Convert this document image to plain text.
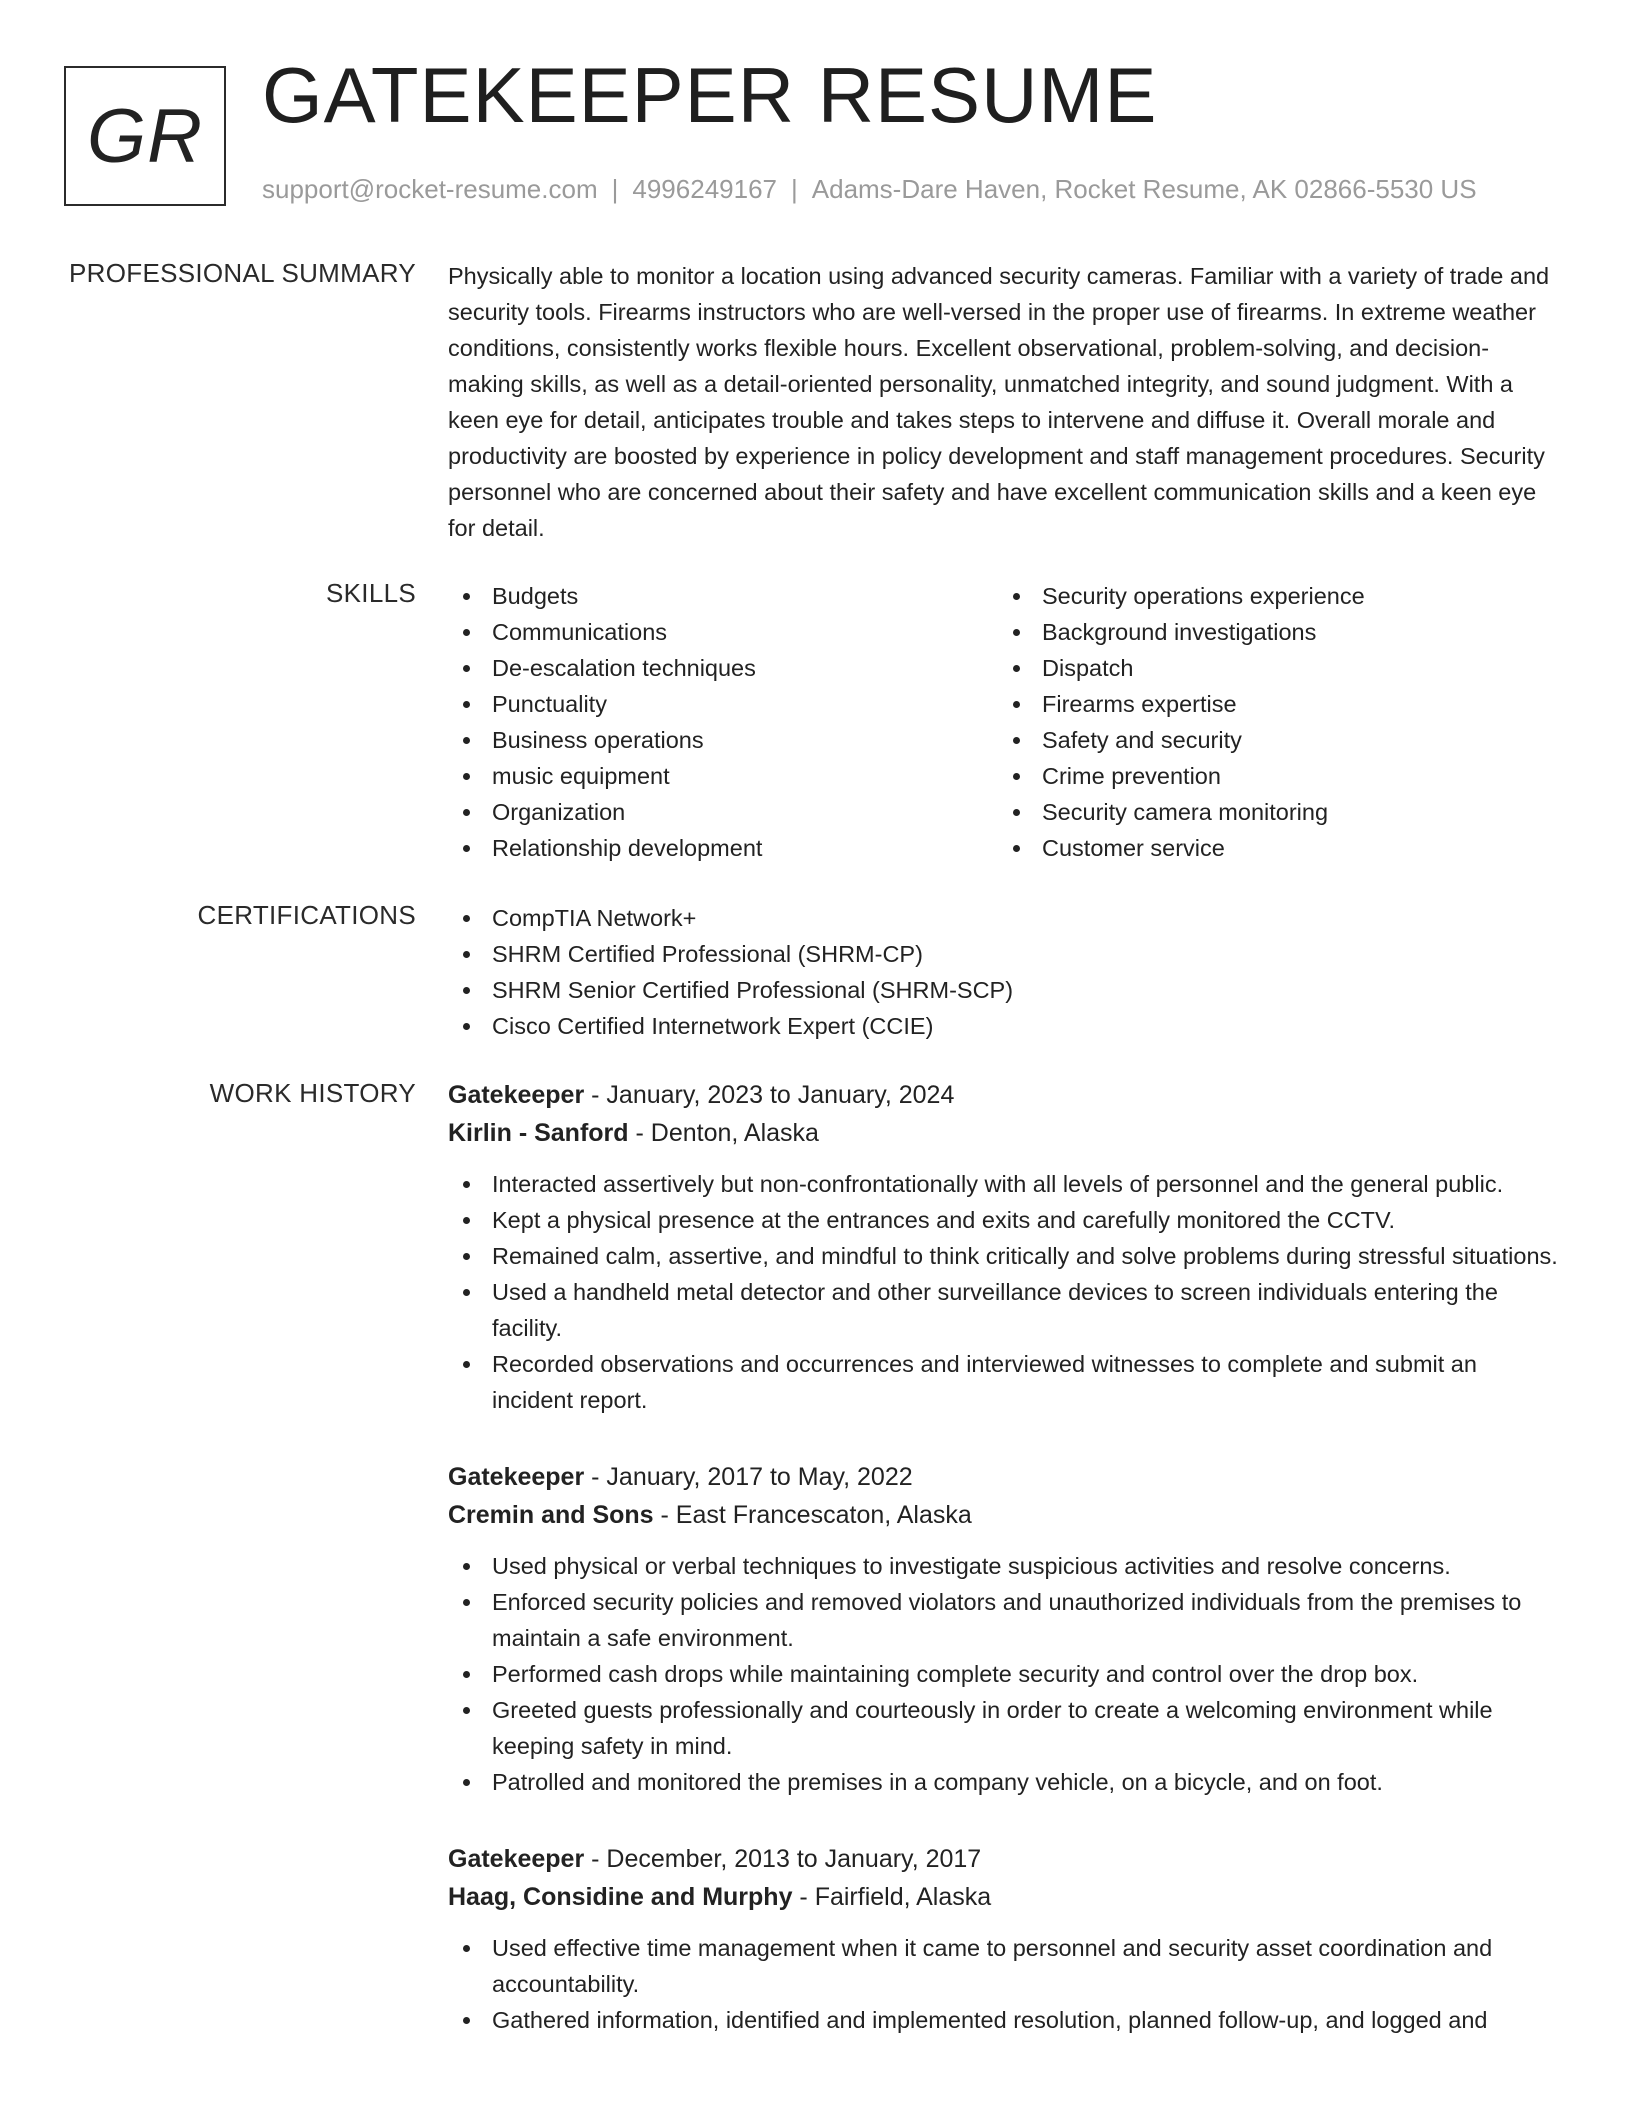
GR GATEKEEPER RESUME
support@rocket-resume.com | 4996249167 | Adams-Dare Haven, Rocket Resume, AK 02866-5530 US
PROFESSIONAL SUMMARY Physically able to monitor a location using advanced security cameras. Familiar with a variety of trade and security tools. Firearms instructors who are well-versed in the proper use of firearms. In extreme weather conditions, consistently works flexible hours. Excellent observational, problem-solving, and decision-making skills, as well as a detail-oriented personality, unmatched integrity, and sound judgment. With a keen eye for detail, anticipates trouble and takes steps to intervene and diffuse it. Overall morale and productivity are boosted by experience in policy development and staff management procedures. Security personnel who are concerned about their safety and have excellent communication skills and a keen eye for detail.

SKILLS	Budgets
Communications
De-escalation techniques
Punctuality
Business operations
music equipment
Organization
Relationship development
Security operations experience
Background investigations
Dispatch
Firearms expertise
Safety and security
Crime prevention
Security camera monitoring
Customer service
CERTIFICATIONS	CompTIA Network+
SHRM Certified Professional (SHRM-CP)
SHRM Senior Certified Professional (SHRM-SCP)
Cisco Certified Internetwork Expert (CCIE)
WORK HISTORY Gatekeeper - January, 2023 to January, 2024
Kirlin - Sanford - Denton, Alaska
Interacted assertively but non-confrontationally with all levels of personnel and the general public.
Kept a physical presence at the entrances and exits and carefully monitored the CCTV.
Remained calm, assertive, and mindful to think critically and solve problems during stressful situations.
Used a handheld metal detector and other surveillance devices to screen individuals entering the facility.
Recorded observations and occurrences and interviewed witnesses to complete and submit an incident report.
Gatekeeper - January, 2017 to May, 2022
Cremin and Sons - East Francescaton, Alaska
Used physical or verbal techniques to investigate suspicious activities and resolve concerns.
Enforced security policies and removed violators and unauthorized individuals from the premises to maintain a safe environment.
Performed cash drops while maintaining complete security and control over the drop box.
Greeted guests professionally and courteously in order to create a welcoming environment while keeping safety in mind.
Patrolled and monitored the premises in a company vehicle, on a bicycle, and on foot.
Gatekeeper - December, 2013 to January, 2017
Haag, Considine and Murphy - Fairfield, Alaska
Used effective time management when it came to personnel and security asset coordination and accountability.
Gathered information, identified and implemented resolution, planned follow-up, and logged and
